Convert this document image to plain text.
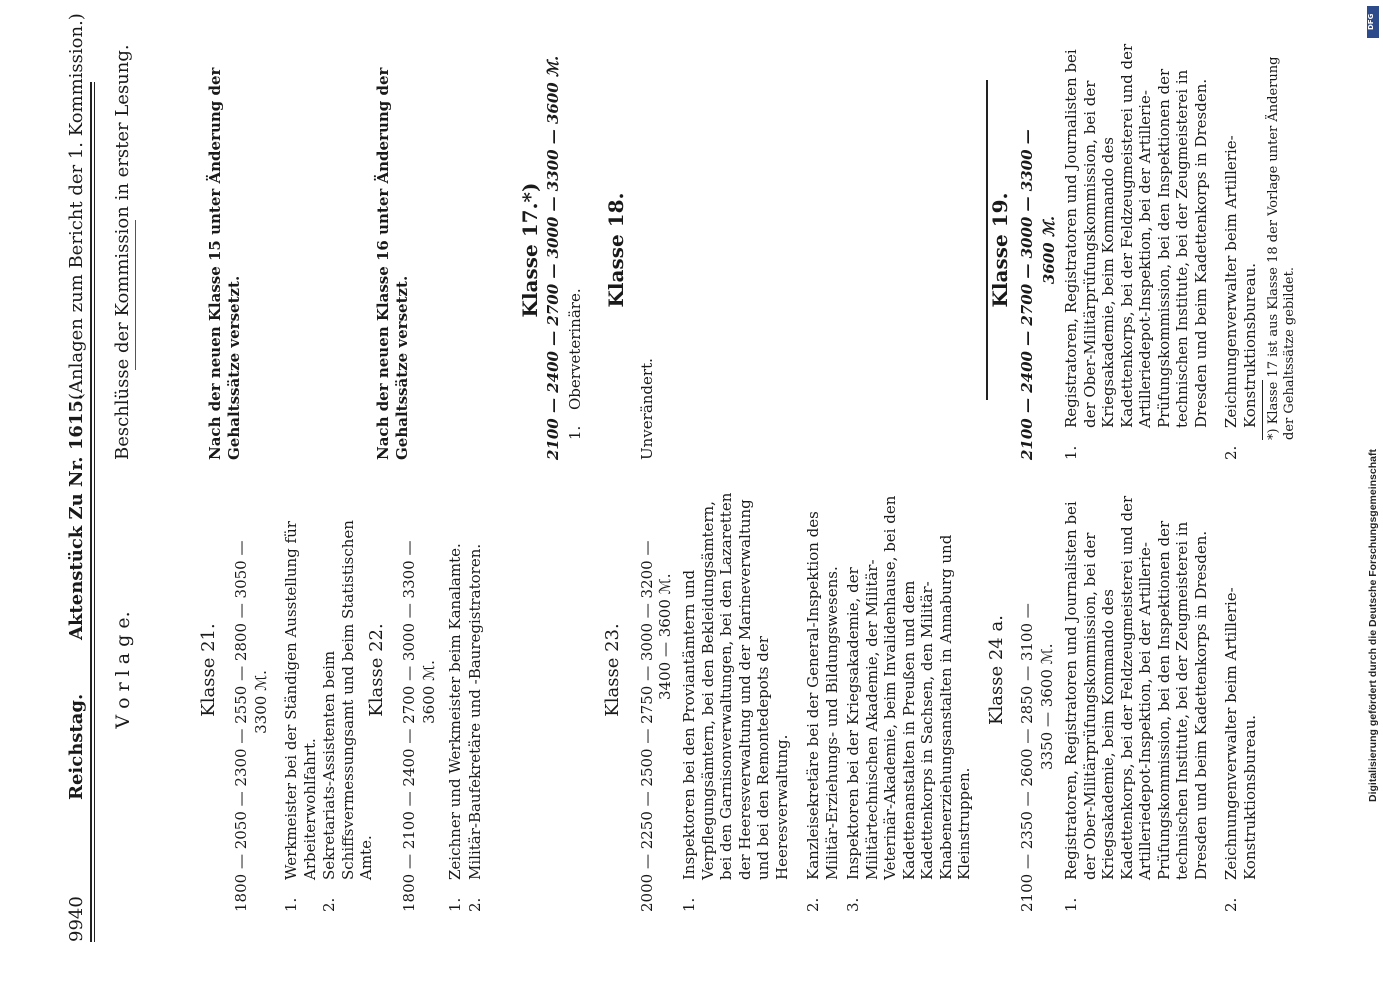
9940
Reichstag.
Aktenstück Zu Nr. 1615.
(Anlagen zum Bericht der 1. Kommission.)
V o r l a g e.	Klasse 21. 1800 — 2050 — 2300 — 2550 — 2800 — 3050 — 3300 ℳ.
1.
Werkmeister bei der Ständigen Ausstellung für Arbeiterwohlfahrt.
2.
Sekretariats-Assistenten beim Schiffsvermessungsamt und beim Statistischen Amte.
Klasse 22. 1800 — 2100 — 2400 — 2700 — 3000 — 3300 — 3600 ℳ.
1.
Zeichner und Werkmeister beim Kanalamte.
2.
Militär-Baufekretäre und -Bauregistratoren.	Klasse 23. 2000 — 2250 — 2500 — 2750 — 3000 — 3200 — 3400 — 3600 ℳ.
1.
Inspektoren bei den Proviantämtern und Verpflegungsämtern, bei den Bekleidungsämtern, bei den Garnisonverwaltungen, bei den Lazaretten der Heeresverwaltung und der Marineverwaltung und bei den Remontedepots der Heeresverwaltung.
2.
Kanzleisekretäre bei der General-Inspektion des Militär-Erziehungs- und Bildungswesens.
3.
Inspektoren bei der Kriegsakademie, der Militärtechnischen Akademie, der Militär-Veterinär-Akademie, beim Invalidenhause, bei den Kadettenanstalten in Preußen und dem Kadettenkorps in Sachsen, den Militär-Knabenerziehungsanstalten in Annaburg und Kleinstruppen.
Klasse 24 a. 2100 — 2350 — 2600 — 2850 — 3100 — 3350 — 3600 ℳ.
1.
Registratoren, Registratoren und Journalisten bei der Ober-Militärprüfungskommission, bei der Kriegsakademie, beim Kommando des Kadettenkorps, bei der Feldzeugmeisterei und der Artilleriedepot-Inspektion, bei der Artillerie-Prüfungskommission, bei den Inspektionen der technischen Institute, bei der Zeugmeisterei in Dresden und beim Kadettenkorps in Dresden.
2.
Zeichnungenverwalter beim Artillerie-Konstruktionsbureau.
Beschlüsse der Kommission in erster Lesung.	Nach der neuen Klasse 15 unter Änderung der Gehaltssätze versetzt.	Nach der neuen Klasse 16 unter Änderung der Gehaltssätze versetzt.
Klasse 17.*) 2100 — 2400 — 2700 — 3000 — 3300 — 3600 ℳ. 1.
Oberveterinäre.
Klasse 18.
Unverändert.
Klasse 19. 2100 — 2400 — 2700 — 3000 — 3300 — 3600 ℳ.
1.
Registratoren, Registratoren und Journalisten bei der Ober-Militärprüfungskommission, bei der Kriegsakademie, beim Kommando des Kadettenkorps, bei der Feldzeugmeisterei und der Artilleriedepot-Inspektion, bei der Artillerie-Prüfungskommission, bei den Inspektionen der technischen Institute, bei der Zeugmeisterei in Dresden und beim Kadettenkorps in Dresden.
2.
Zeichnungenverwalter beim Artillerie-Konstruktionsbureau. *) Klasse 17 ist aus Klasse 18 der Vorlage unter Änderung der Gehaltssätze gebildet.
DFG
Digitalisierung gefördert durch die Deutsche Forschungsgemeinschaft
